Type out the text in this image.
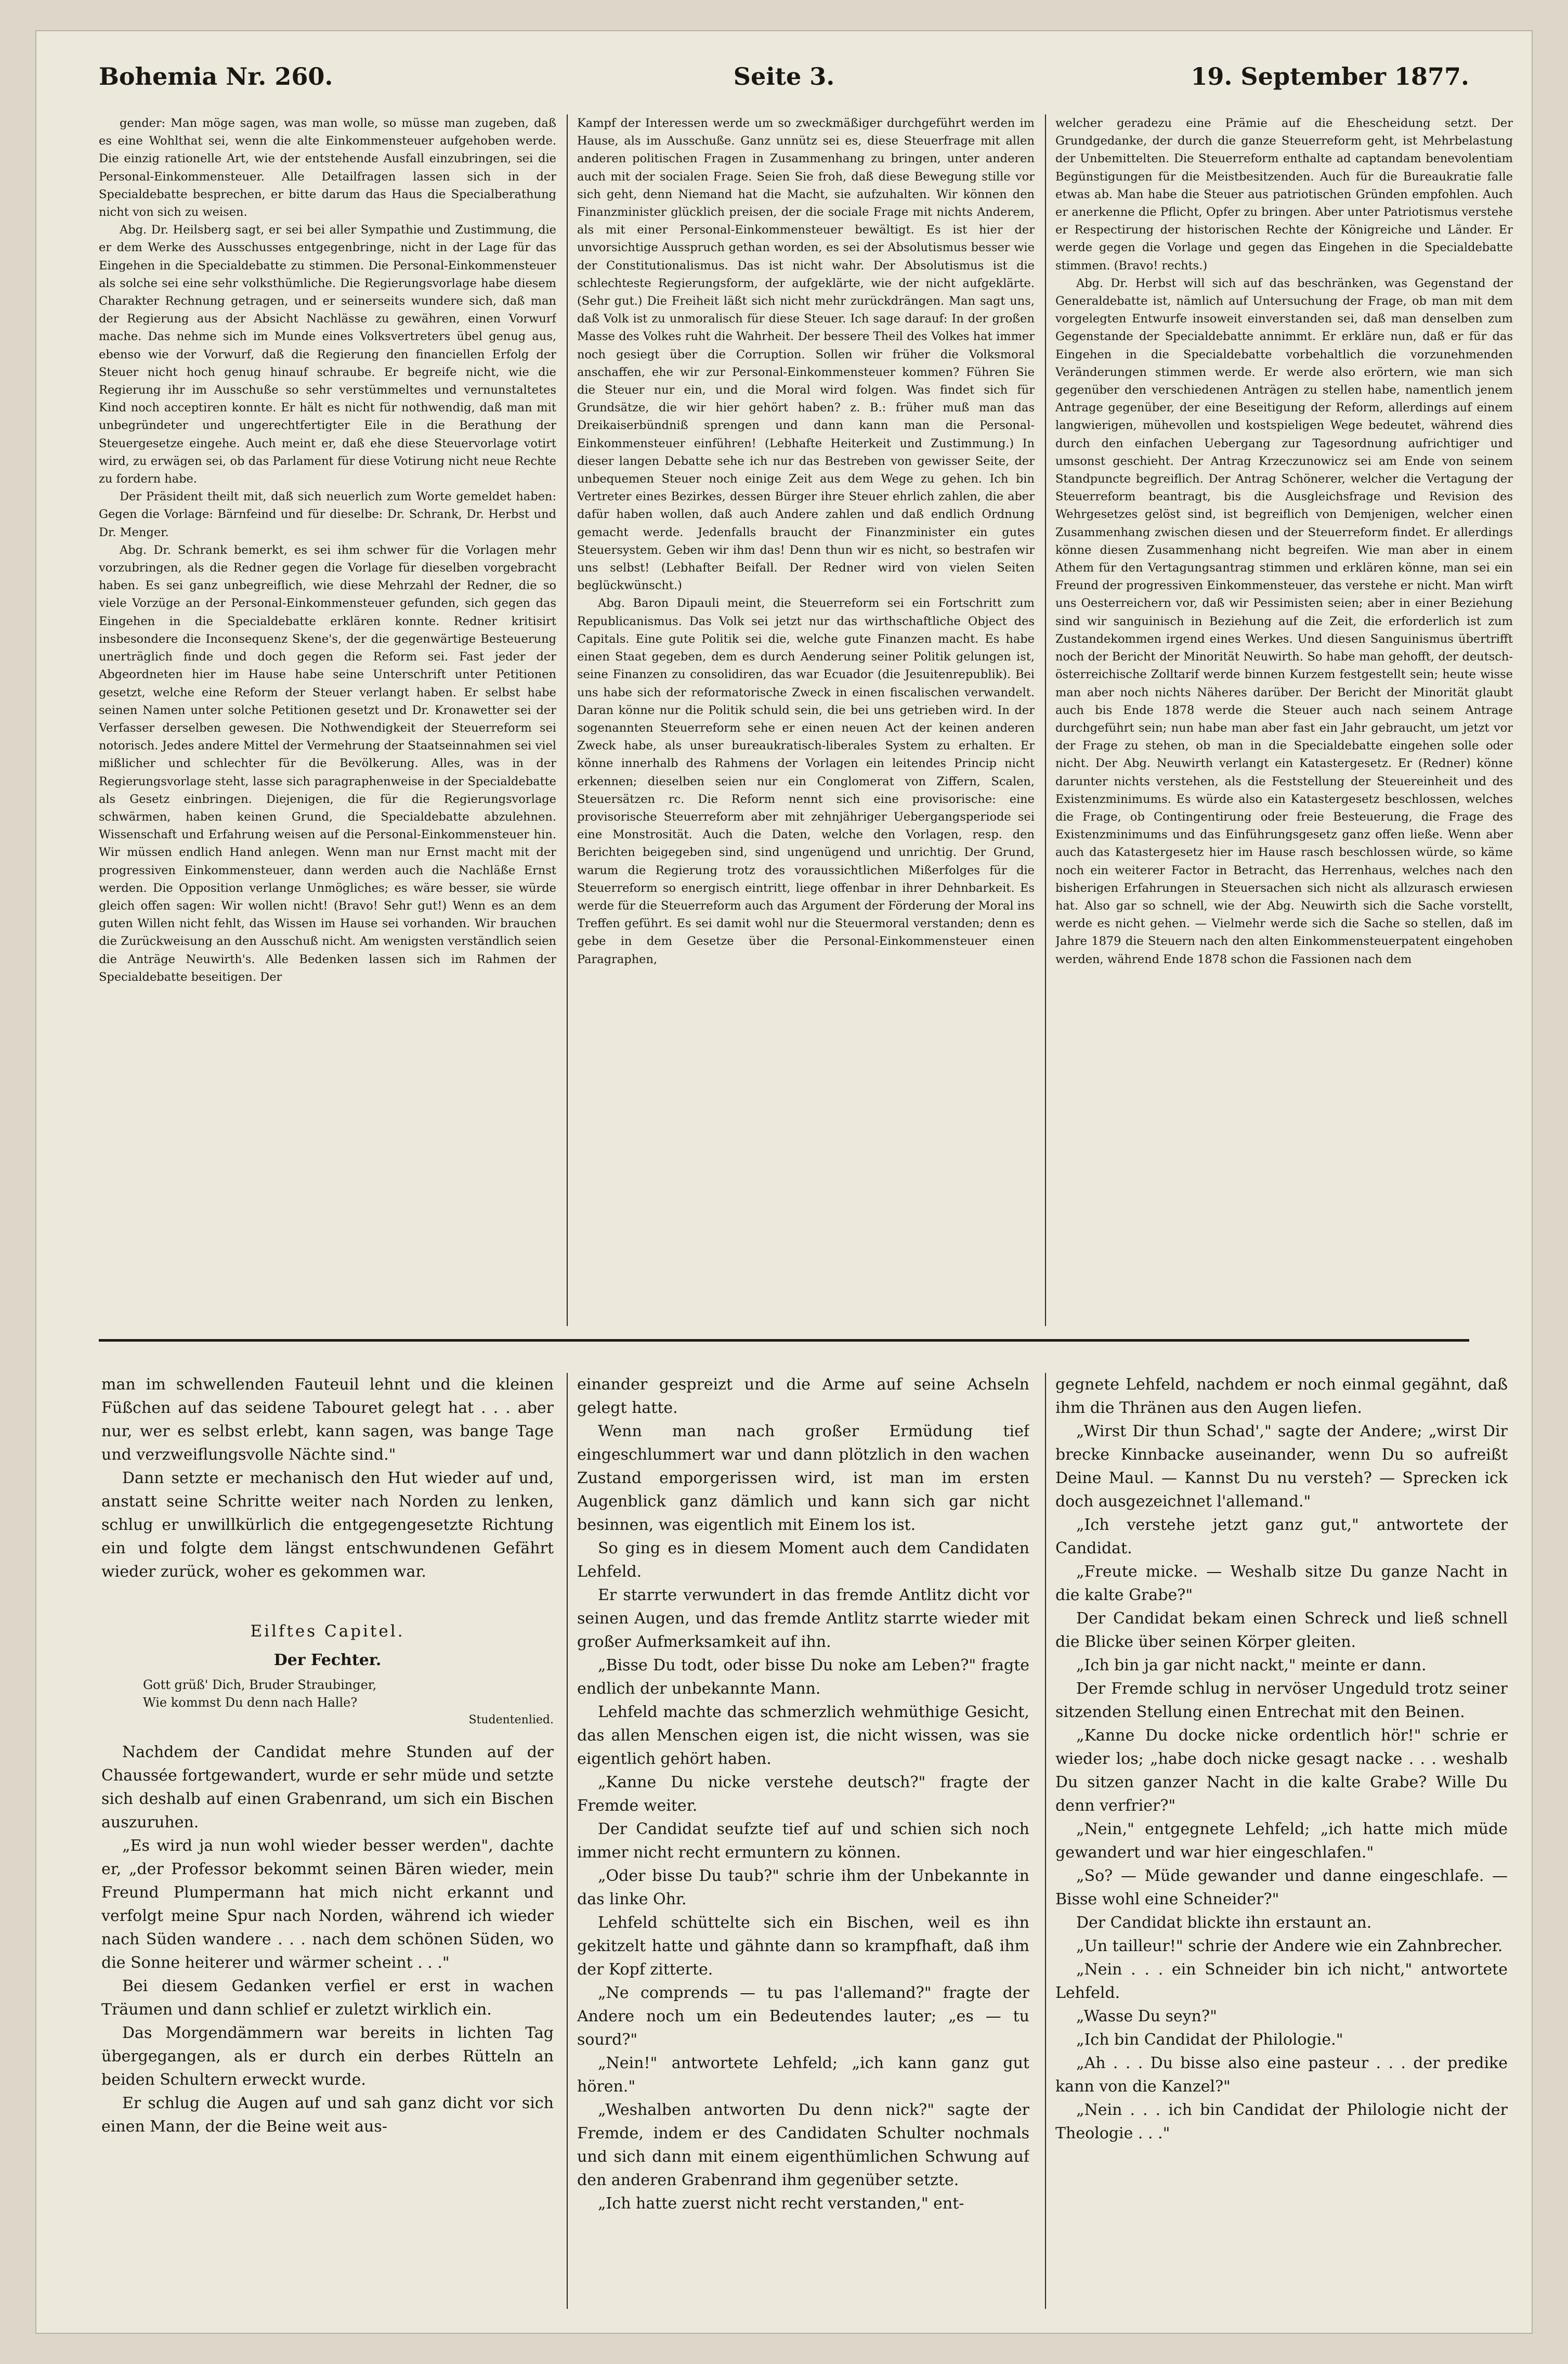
Bohemia Nr. 260.	Seite 3.	19. September 1877.

gender: Man möge sagen, was man wolle, so müsse man zugeben, daß es eine Wohlthat sei, wenn die alte Einkommensteuer aufgehoben werde. Die einzig rationelle Art, wie der entstehende Ausfall einzubringen, sei die Personal-Einkommensteuer. Alle Detailfragen lassen sich in der Specialdebatte besprechen, er bitte darum das Haus die Specialberathung nicht von sich zu weisen.

Abg. Dr. Heilsberg sagt, er sei bei aller Sympathie und Zustimmung, die er dem Werke des Ausschusses entgegenbringe, nicht in der Lage für das Eingehen in die Specialdebatte zu stimmen. Die Personal-Einkommensteuer als solche sei eine sehr volksthümliche. Die Regierungsvorlage habe diesem Charakter Rechnung getragen, und er seinerseits wundere sich, daß man der Regierung aus der Absicht Nachlässe zu gewähren, einen Vorwurf mache. Das nehme sich im Munde eines Volksvertreters übel genug aus, ebenso wie der Vorwurf, daß die Regierung den financiellen Erfolg der Steuer nicht hoch genug hinauf schraube. Er begreife nicht, wie die Regierung ihr im Ausschuße so sehr verstümmeltes und vernunstaltetes Kind noch acceptiren konnte. Er hält es nicht für nothwendig, daß man mit unbegründeter und ungerechtfertigter Eile in die Berathung der Steuergesetze eingehe. Auch meint er, daß ehe diese Steuervorlage votirt wird, zu erwägen sei, ob das Parlament für diese Votirung nicht neue Rechte zu fordern habe.

Der Präsident theilt mit, daß sich neuerlich zum Worte gemeldet haben: Gegen die Vorlage: Bärnfeind und für dieselbe: Dr. Schrank, Dr. Herbst und Dr. Menger.

Abg. Dr. Schrank bemerkt, es sei ihm schwer für die Vorlagen mehr vorzubringen, als die Redner gegen die Vorlage für dieselben vorgebracht haben. Es sei ganz unbegreiflich, wie diese Mehrzahl der Redner, die so viele Vorzüge an der Personal-Einkommensteuer gefunden, sich gegen das Eingehen in die Specialdebatte erklären konnte. Redner kritisirt insbesondere die Inconsequenz Skene's, der die gegenwärtige Besteuerung unerträglich finde und doch gegen die Reform sei. Fast jeder der Abgeordneten hier im Hause habe seine Unterschrift unter Petitionen gesetzt, welche eine Reform der Steuer verlangt haben. Er selbst habe seinen Namen unter solche Petitionen gesetzt und Dr. Kronawetter sei der Verfasser derselben gewesen. Die Nothwendigkeit der Steuerreform sei notorisch. Jedes andere Mittel der Vermehrung der Staatseinnahmen sei viel mißlicher und schlechter für die Bevölkerung. Alles, was in der Regierungsvorlage steht, lasse sich paragraphenweise in der Specialdebatte als Gesetz einbringen. Diejenigen, die für die Regierungsvorlage schwärmen, haben keinen Grund, die Specialdebatte abzulehnen. Wissenschaft und Erfahrung weisen auf die Personal-Einkommensteuer hin. Wir müssen endlich Hand anlegen. Wenn man nur Ernst macht mit der progressiven Einkommensteuer, dann werden auch die Nachläße Ernst werden. Die Opposition verlange Unmögliches; es wäre besser, sie würde gleich offen sagen: Wir wollen nicht! (Bravo! Sehr gut!) Wenn es an dem guten Willen nicht fehlt, das Wissen im Hause sei vorhanden. Wir brauchen die Zurückweisung an den Ausschuß nicht. Am wenigsten verständlich seien die Anträge Neuwirth's. Alle Bedenken lassen sich im Rahmen der Specialdebatte beseitigen. Der

Kampf der Interessen werde um so zweckmäßiger durchgeführt werden im Hause, als im Ausschuße. Ganz unnütz sei es, diese Steuerfrage mit allen anderen politischen Fragen in Zusammenhang zu bringen, unter anderen auch mit der socialen Frage. Seien Sie froh, daß diese Bewegung stille vor sich geht, denn Niemand hat die Macht, sie aufzuhalten. Wir können den Finanzminister glücklich preisen, der die sociale Frage mit nichts Anderem, als mit einer Personal-Einkommensteuer bewältigt. Es ist hier der unvorsichtige Ausspruch gethan worden, es sei der Absolutismus besser wie der Constitutionalismus. Das ist nicht wahr. Der Absolutismus ist die schlechteste Regierungsform, der aufgeklärte, wie der nicht aufgeklärte. (Sehr gut.) Die Freiheit läßt sich nicht mehr zurückdrängen. Man sagt uns, daß Volk ist zu unmoralisch für diese Steuer. Ich sage darauf: In der großen Masse des Volkes ruht die Wahrheit. Der bessere Theil des Volkes hat immer noch gesiegt über die Corruption. Sollen wir früher die Volksmoral anschaffen, ehe wir zur Personal-Einkommensteuer kommen? Führen Sie die Steuer nur ein, und die Moral wird folgen. Was findet sich für Grundsätze, die wir hier gehört haben? z. B.: früher muß man das Dreikaiserbündniß sprengen und dann kann man die Personal-Einkommensteuer einführen! (Lebhafte Heiterkeit und Zustimmung.) In dieser langen Debatte sehe ich nur das Bestreben von gewisser Seite, der unbequemen Steuer noch einige Zeit aus dem Wege zu gehen. Ich bin Vertreter eines Bezirkes, dessen Bürger ihre Steuer ehrlich zahlen, die aber dafür haben wollen, daß auch Andere zahlen und daß endlich Ordnung gemacht werde. Jedenfalls braucht der Finanzminister ein gutes Steuersystem. Geben wir ihm das! Denn thun wir es nicht, so bestrafen wir uns selbst! (Lebhafter Beifall. Der Redner wird von vielen Seiten beglückwünscht.)

Abg. Baron Dipauli meint, die Steuerreform sei ein Fortschritt zum Republicanismus. Das Volk sei jetzt nur das wirthschaftliche Object des Capitals. Eine gute Politik sei die, welche gute Finanzen macht. Es habe einen Staat gegeben, dem es durch Aenderung seiner Politik gelungen ist, seine Finanzen zu consolidiren, das war Ecuador (die Jesuitenrepublik). Bei uns habe sich der reformatorische Zweck in einen fiscalischen verwandelt. Daran könne nur die Politik schuld sein, die bei uns getrieben wird. In der sogenannten Steuerreform sehe er einen neuen Act der keinen anderen Zweck habe, als unser bureaukratisch-liberales System zu erhalten. Er könne innerhalb des Rahmens der Vorlagen ein leitendes Princip nicht erkennen; dieselben seien nur ein Conglomerat von Ziffern, Scalen, Steuersätzen rc. Die Reform nennt sich eine provisorische: eine provisorische Steuerreform aber mit zehnjähriger Uebergangsperiode sei eine Monstrosität. Auch die Daten, welche den Vorlagen, resp. den Berichten beigegeben sind, sind ungenügend und unrichtig. Der Grund, warum die Regierung trotz des voraussichtlichen Mißerfolges für die Steuerreform so energisch eintritt, liege offenbar in ihrer Dehnbarkeit. Es werde für die Steuerreform auch das Argument der Förderung der Moral ins Treffen geführt. Es sei damit wohl nur die Steuermoral verstanden; denn es gebe in dem Gesetze über die Personal-Einkommensteuer einen Paragraphen,

welcher geradezu eine Prämie auf die Ehescheidung setzt. Der Grundgedanke, der durch die ganze Steuerreform geht, ist Mehrbelastung der Unbemittelten. Die Steuerreform enthalte ad captandam benevolentiam Begünstigungen für die Meistbesitzenden. Auch für die Bureaukratie falle etwas ab. Man habe die Steuer aus patriotischen Gründen empfohlen. Auch er anerkenne die Pflicht, Opfer zu bringen. Aber unter Patriotismus verstehe er Respectirung der historischen Rechte der Königreiche und Länder. Er werde gegen die Vorlage und gegen das Eingehen in die Specialdebatte stimmen. (Bravo! rechts.)

Abg. Dr. Herbst will sich auf das beschränken, was Gegenstand der Generaldebatte ist, nämlich auf Untersuchung der Frage, ob man mit dem vorgelegten Entwurfe insoweit einverstanden sei, daß man denselben zum Gegenstande der Specialdebatte annimmt. Er erkläre nun, daß er für das Eingehen in die Specialdebatte vorbehaltlich die vorzunehmenden Veränderungen stimmen werde. Er werde also erörtern, wie man sich gegenüber den verschiedenen Anträgen zu stellen habe, namentlich jenem Antrage gegenüber, der eine Beseitigung der Reform, allerdings auf einem langwierigen, mühevollen und kostspieligen Wege bedeutet, während dies durch den einfachen Uebergang zur Tagesordnung aufrichtiger und umsonst geschieht. Der Antrag Krzeczunowicz sei am Ende von seinem Standpuncte begreiflich. Der Antrag Schönerer, welcher die Vertagung der Steuerreform beantragt, bis die Ausgleichsfrage und Revision des Wehrgesetzes gelöst sind, ist begreiflich von Demjenigen, welcher einen Zusammenhang zwischen diesen und der Steuerreform findet. Er allerdings könne diesen Zusammenhang nicht begreifen. Wie man aber in einem Athem für den Vertagungsantrag stimmen und erklären könne, man sei ein Freund der progressiven Einkommensteuer, das verstehe er nicht. Man wirft uns Oesterreichern vor, daß wir Pessimisten seien; aber in einer Beziehung sind wir sanguinisch in Beziehung auf die Zeit, die erforderlich ist zum Zustandekommen irgend eines Werkes. Und diesen Sanguinismus übertrifft noch der Bericht der Minorität Neuwirth. So habe man gehofft, der deutsch-österreichische Zolltarif werde binnen Kurzem festgestellt sein; heute wisse man aber noch nichts Näheres darüber. Der Bericht der Minorität glaubt auch bis Ende 1878 werde die Steuer auch nach seinem Antrage durchgeführt sein; nun habe man aber fast ein Jahr gebraucht, um jetzt vor der Frage zu stehen, ob man in die Specialdebatte eingehen solle oder nicht. Der Abg. Neuwirth verlangt ein Katastergesetz. Er (Redner) könne darunter nichts verstehen, als die Feststellung der Steuereinheit und des Existenzminimums. Es würde also ein Katastergesetz beschlossen, welches die Frage, ob Contingentirung oder freie Besteuerung, die Frage des Existenzminimums und das Einführungsgesetz ganz offen ließe. Wenn aber auch das Katastergesetz hier im Hause rasch beschlossen würde, so käme noch ein weiterer Factor in Betracht, das Herrenhaus, welches nach den bisherigen Erfahrungen in Steuersachen sich nicht als allzurasch erwiesen hat. Also gar so schnell, wie der Abg. Neuwirth sich die Sache vorstellt, werde es nicht gehen. — Vielmehr werde sich die Sache so stellen, daß im Jahre 1879 die Steuern nach den alten Einkommensteuerpatent eingehoben werden, während Ende 1878 schon die Fassionen nach dem

man im schwellenden Fauteuil lehnt und die kleinen Füßchen auf das seidene Tabouret gelegt hat . . . aber nur, wer es selbst erlebt, kann sagen, was bange Tage und verzweiflungsvolle Nächte sind."

Dann setzte er mechanisch den Hut wieder auf und, anstatt seine Schritte weiter nach Norden zu lenken, schlug er unwillkürlich die entgegengesetzte Richtung ein und folgte dem längst entschwundenen Gefährt wieder zurück, woher es gekommen war.

Eilftes Capitel.
Der Fechter.
Gott grüß' Dich, Bruder Straubinger,
Wie kommst Du denn nach Halle?
Studentenlied.

Nachdem der Candidat mehre Stunden auf der Chaussée fortgewandert, wurde er sehr müde und setzte sich deshalb auf einen Grabenrand, um sich ein Bischen auszuruhen.

„Es wird ja nun wohl wieder besser werden", dachte er, „der Professor bekommt seinen Bären wieder, mein Freund Plumpermann hat mich nicht erkannt und verfolgt meine Spur nach Norden, während ich wieder nach Süden wandere . . . nach dem schönen Süden, wo die Sonne heiterer und wärmer scheint . . ."

Bei diesem Gedanken verfiel er erst in wachen Träumen und dann schlief er zuletzt wirklich ein.

Das Morgendämmern war bereits in lichten Tag übergegangen, als er durch ein derbes Rütteln an beiden Schultern erweckt wurde.

Er schlug die Augen auf und sah ganz dicht vor sich einen Mann, der die Beine weit aus-

einander gespreizt und die Arme auf seine Achseln gelegt hatte.

Wenn man nach großer Ermüdung tief eingeschlummert war und dann plötzlich in den wachen Zustand emporgerissen wird, ist man im ersten Augenblick ganz dämlich und kann sich gar nicht besinnen, was eigentlich mit Einem los ist.

So ging es in diesem Moment auch dem Candidaten Lehfeld.

Er starrte verwundert in das fremde Antlitz dicht vor seinen Augen, und das fremde Antlitz starrte wieder mit großer Aufmerksamkeit auf ihn.

„Bisse Du todt, oder bisse Du noke am Leben?" fragte endlich der unbekannte Mann.

Lehfeld machte das schmerzlich wehmüthige Gesicht, das allen Menschen eigen ist, die nicht wissen, was sie eigentlich gehört haben.

„Kanne Du nicke verstehe deutsch?" fragte der Fremde weiter.

Der Candidat seufzte tief auf und schien sich noch immer nicht recht ermuntern zu können.

„Oder bisse Du taub?" schrie ihm der Unbekannte in das linke Ohr.

Lehfeld schüttelte sich ein Bischen, weil es ihn gekitzelt hatte und gähnte dann so krampfhaft, daß ihm der Kopf zitterte.

„Ne comprends — tu pas l'allemand?" fragte der Andere noch um ein Bedeutendes lauter; „es — tu sourd?"

„Nein!" antwortete Lehfeld; „ich kann ganz gut hören."

„Weshalben antworten Du denn nick?" sagte der Fremde, indem er des Candidaten Schulter nochmals und sich dann mit einem eigenthümlichen Schwung auf den anderen Grabenrand ihm gegenüber setzte.

„Ich hatte zuerst nicht recht verstanden," ent-

gegnete Lehfeld, nachdem er noch einmal gegähnt, daß ihm die Thränen aus den Augen liefen.

„Wirst Dir thun Schad'," sagte der Andere; „wirst Dir brecke Kinnbacke auseinander, wenn Du so aufreißt Deine Maul. — Kannst Du nu versteh? — Sprecken ick doch ausgezeichnet l'allemand."

„Ich verstehe jetzt ganz gut," antwortete der Candidat.

„Freute micke. — Weshalb sitze Du ganze Nacht in die kalte Grabe?"

Der Candidat bekam einen Schreck und ließ schnell die Blicke über seinen Körper gleiten.

„Ich bin ja gar nicht nackt," meinte er dann.

Der Fremde schlug in nervöser Ungeduld trotz seiner sitzenden Stellung einen Entrechat mit den Beinen.

„Kanne Du docke nicke ordentlich hör!" schrie er wieder los; „habe doch nicke gesagt nacke . . . weshalb Du sitzen ganzer Nacht in die kalte Grabe? Wille Du denn verfrier?"

„Nein," entgegnete Lehfeld; „ich hatte mich müde gewandert und war hier eingeschlafen."

„So? — Müde gewander und danne eingeschlafe. — Bisse wohl eine Schneider?"

Der Candidat blickte ihn erstaunt an.

„Un tailleur!" schrie der Andere wie ein Zahnbrecher.

„Nein . . . ein Schneider bin ich nicht," antwortete Lehfeld.

„Wasse Du seyn?"

„Ich bin Candidat der Philologie."

„Ah . . . Du bisse also eine pasteur . . . der predike kann von die Kanzel?"

„Nein . . . ich bin Candidat der Philologie nicht der Theologie . . ."
